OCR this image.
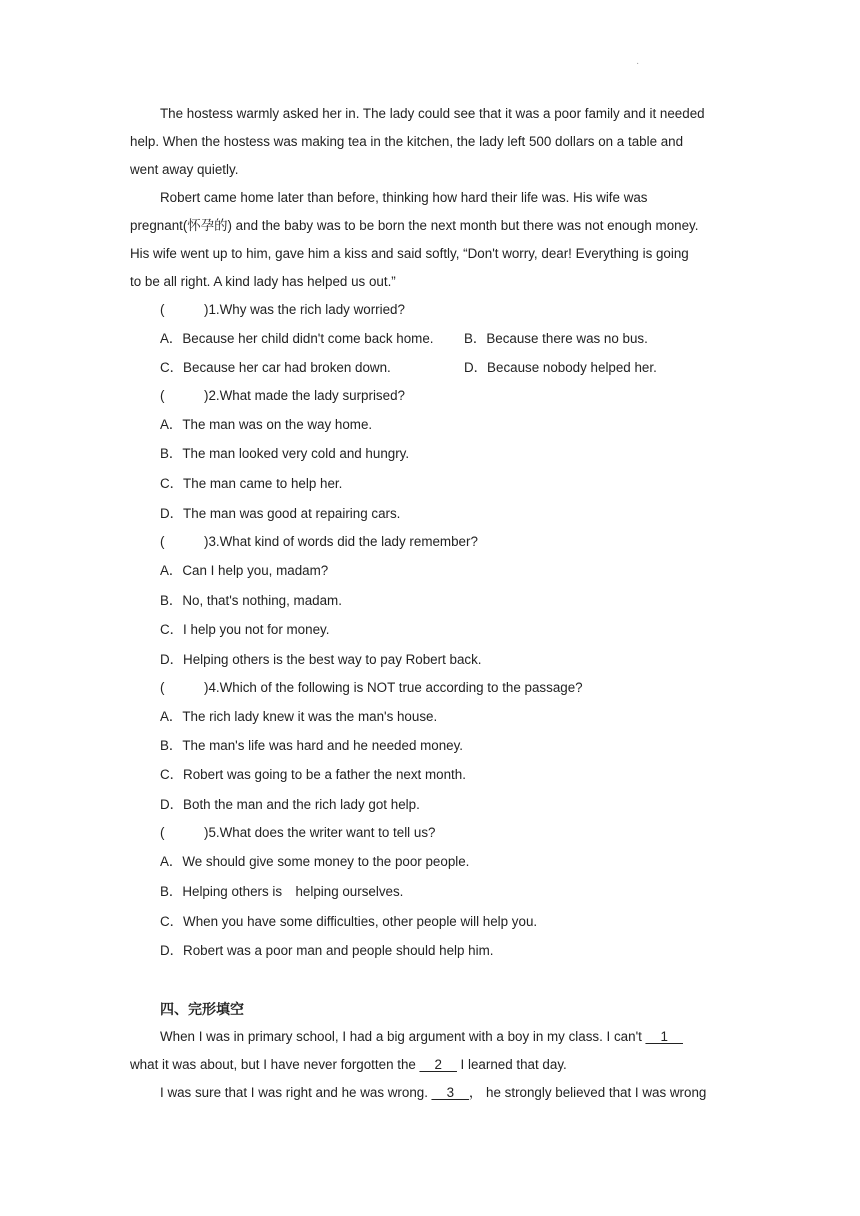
·
The hostess warmly asked her in. The lady could see that it was a poor family and it needed
help. When the hostess was making tea in the kitchen, the lady left 500 dollars on a table and
went away quietly.
Robert came home later than before, thinking how hard their life was. His wife was
pregnant(怀孕的) and the baby was to be born the next month but there was not enough money.
His wife went up to him, gave him a kiss and said softly, “Don't worry, dear! Everything is going
to be all right. A kind lady has helped us out.”
(	)1.Why was the rich lady worried?
A．Because her child didn't come back home. B．Because there was no bus.
C．Because her car had broken down.	D．Because nobody helped her.
(	)2.What made the lady surprised?
A．The man was on the way home.
B．The man looked very cold and hungry.
C．The man came to help her.
D．The man was good at repairing cars.
(	)3.What kind of words did the lady remember?
A．Can I help you, madam?
B．No, that's nothing, madam.
C．I help you not for money.
D．Helping others is the best way to pay Robert back.
(	)4.Which of the following is NOT true according to the passage?
A．The rich lady knew it was the man's house.
B．The man's life was hard and he needed money.
C．Robert was going to be a father the next month.
D．Both the man and the rich lady got help.
(	)5.What does the writer want to tell us?
A．We should give some money to the poor people.
B．Helping others is　helping ourselves.
C．When you have some difficulties, other people will help you.
D．Robert was a poor man and people should help him.
四、完形填空
When I was in primary school, I had a big argument with a boy in my class. I can't __1__
what it was about, but I have never forgotten the __2__ I learned that day.
I was sure that I was right and he was wrong. __3__， he strongly believed that I was wrong
